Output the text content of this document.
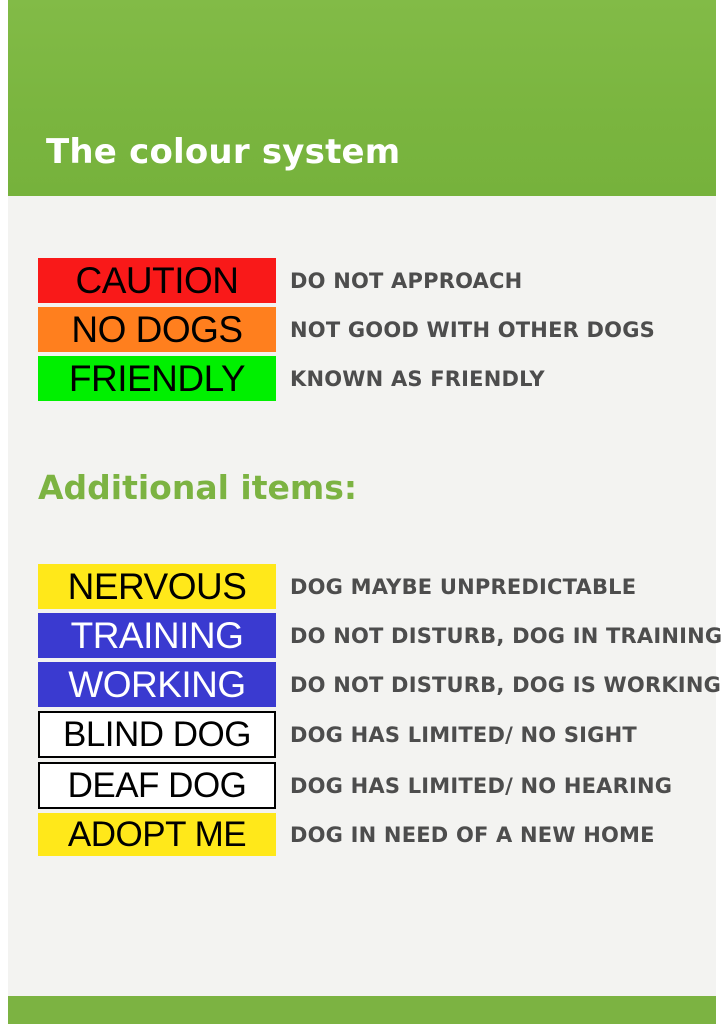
The colour system
CAUTION	DO NOT APPROACH
NO DOGS	NOT GOOD WITH OTHER DOGS
FRIENDLY	KNOWN AS FRIENDLY
Additional items:
NERVOUS	DOG MAYBE UNPREDICTABLE
TRAINING	DO NOT DISTURB, DOG IN TRAINING
WORKING	DO NOT DISTURB, DOG IS WORKING
BLIND DOG	DOG HAS LIMITED/ NO SIGHT
DEAF DOG	DOG HAS LIMITED/ NO HEARING
ADOPT ME	DOG IN NEED OF A NEW HOME
